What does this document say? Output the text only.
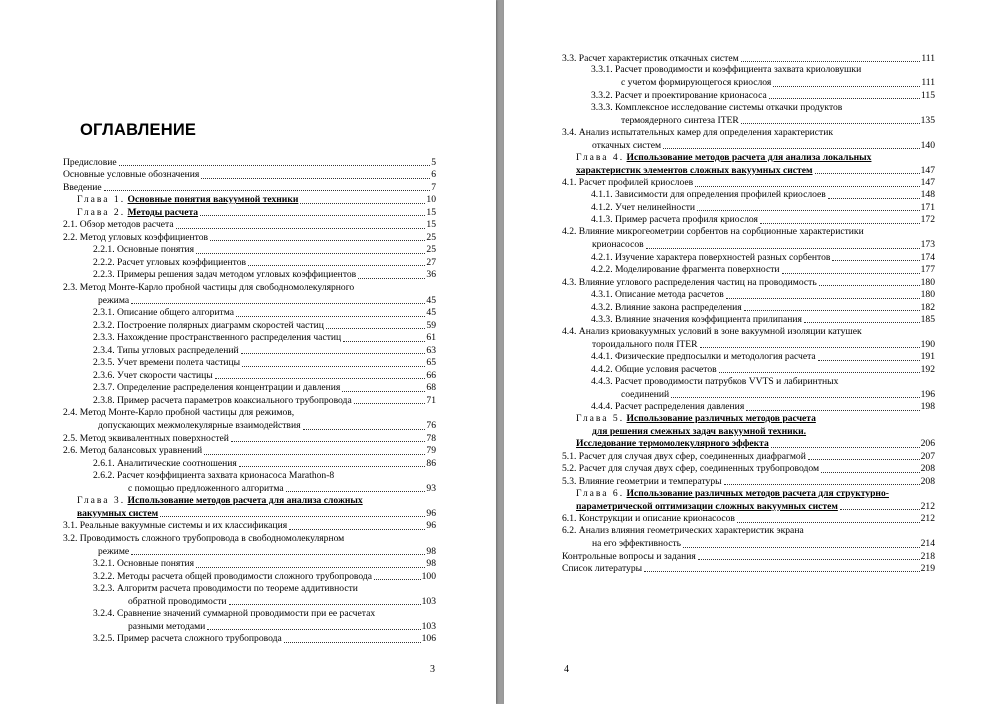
ОГЛАВЛЕНИЕ
Предисловие	5
Основные условные обозначения	6
Введение	7
Глава 1. Основные понятия вакуумной техники	10
Глава 2. Методы расчета	15
2.1. Обзор методов расчета	15
2.2. Метод угловых коэффициентов	25
2.2.1. Основные понятия	25
2.2.2. Расчет угловых коэффициентов	27
2.2.3. Примеры решения задач методом угловых коэффициентов	36
2.3. Метод Монте-Карло пробной частицы для свободномолекулярного
режима	45
2.3.1. Описание общего алгоритма	45
2.3.2. Построение полярных диаграмм скоростей частиц	59
2.3.3. Нахождение пространственного распределения частиц	61
2.3.4. Типы угловых распределений	63
2.3.5. Учет времени полета частицы	65
2.3.6. Учет скорости частицы	66
2.3.7. Определение распределения концентрации и давления	68
2.3.8. Пример расчета параметров коаксиального трубопровода	71
2.4. Метод Монте-Карло пробной частицы для режимов,
допускающих межмолекулярные взаимодействия	76
2.5. Метод эквивалентных поверхностей	78
2.6. Метод балансовых уравнений	79
2.6.1. Аналитические соотношения	86
2.6.2. Расчет коэффициента захвата крионасоса Marathon-8
с помощью предложенного алгоритма	93
Глава 3. Использование методов расчета для анализа сложных
вакуумных систем	96
3.1. Реальные вакуумные системы и их классификация	96
3.2. Проводимость сложного трубопровода в свободномолекулярном
режиме	98
3.2.1. Основные понятия	98
3.2.2. Методы расчета общей проводимости сложного трубопровода	100
3.2.3. Алгоритм расчета проводимости по теореме аддитивности
обратной проводимости	103
3.2.4. Сравнение значений суммарной проводимости при ее расчетах
разными методами	103
3.2.5. Пример расчета сложного трубопровода	106
3
3.3. Расчет характеристик откачных систем	111
3.3.1. Расчет проводимости и коэффициента захвата криоловушки
с учетом формирующегося криослоя	111
3.3.2. Расчет и проектирование крионасоса	115
3.3.3. Комплексное исследование системы откачки продуктов
термоядерного синтеза ITER	135
3.4. Анализ испытательных камер для определения характеристик
откачных систем	140
Глава 4. Использование методов расчета для анализа локальных
характеристик элементов сложных вакуумных систем	147
4.1. Расчет профилей криослоев	147
4.1.1. Зависимости для определения профилей криослоев	148
4.1.2. Учет нелинейности	171
4.1.3. Пример расчета профиля криослоя	172
4.2. Влияние микрогеометрии сорбентов на сорбционные характеристики
крионасосов	173
4.2.1. Изучение характера поверхностей разных сорбентов	174
4.2.2. Моделирование фрагмента поверхности	177
4.3. Влияние углового распределения частиц на проводимость	180
4.3.1. Описание метода расчетов	180
4.3.2. Влияние закона распределения	182
4.3.3. Влияние значения коэффициента прилипания	185
4.4. Анализ криовакуумных условий в зоне вакуумной изоляции катушек
тороидального поля ITER	190
4.4.1. Физические предпосылки и методология расчета	191
4.4.2. Общие условия расчетов	192
4.4.3. Расчет проводимости патрубков VVTS и лабиринтных
соединений	196
4.4.4. Расчет распределения давления	198
Глава 5. Использование различных методов расчета
для решения смежных задач вакуумной техники.
Исследование термомолекулярного эффекта	206
5.1. Расчет для случая двух сфер, соединенных диафрагмой	207
5.2. Расчет для случая двух сфер, соединенных трубопроводом	208
5.3. Влияние геометрии и температуры	208
Глава 6. Использование различных методов расчета для структурно-
параметрической оптимизации сложных вакуумных систем	212
6.1. Конструкции и описание крионасосов	212
6.2. Анализ влияния геометрических характеристик экрана
на его эффективность	214
Контрольные вопросы и задания	218
Список литературы	219
4
